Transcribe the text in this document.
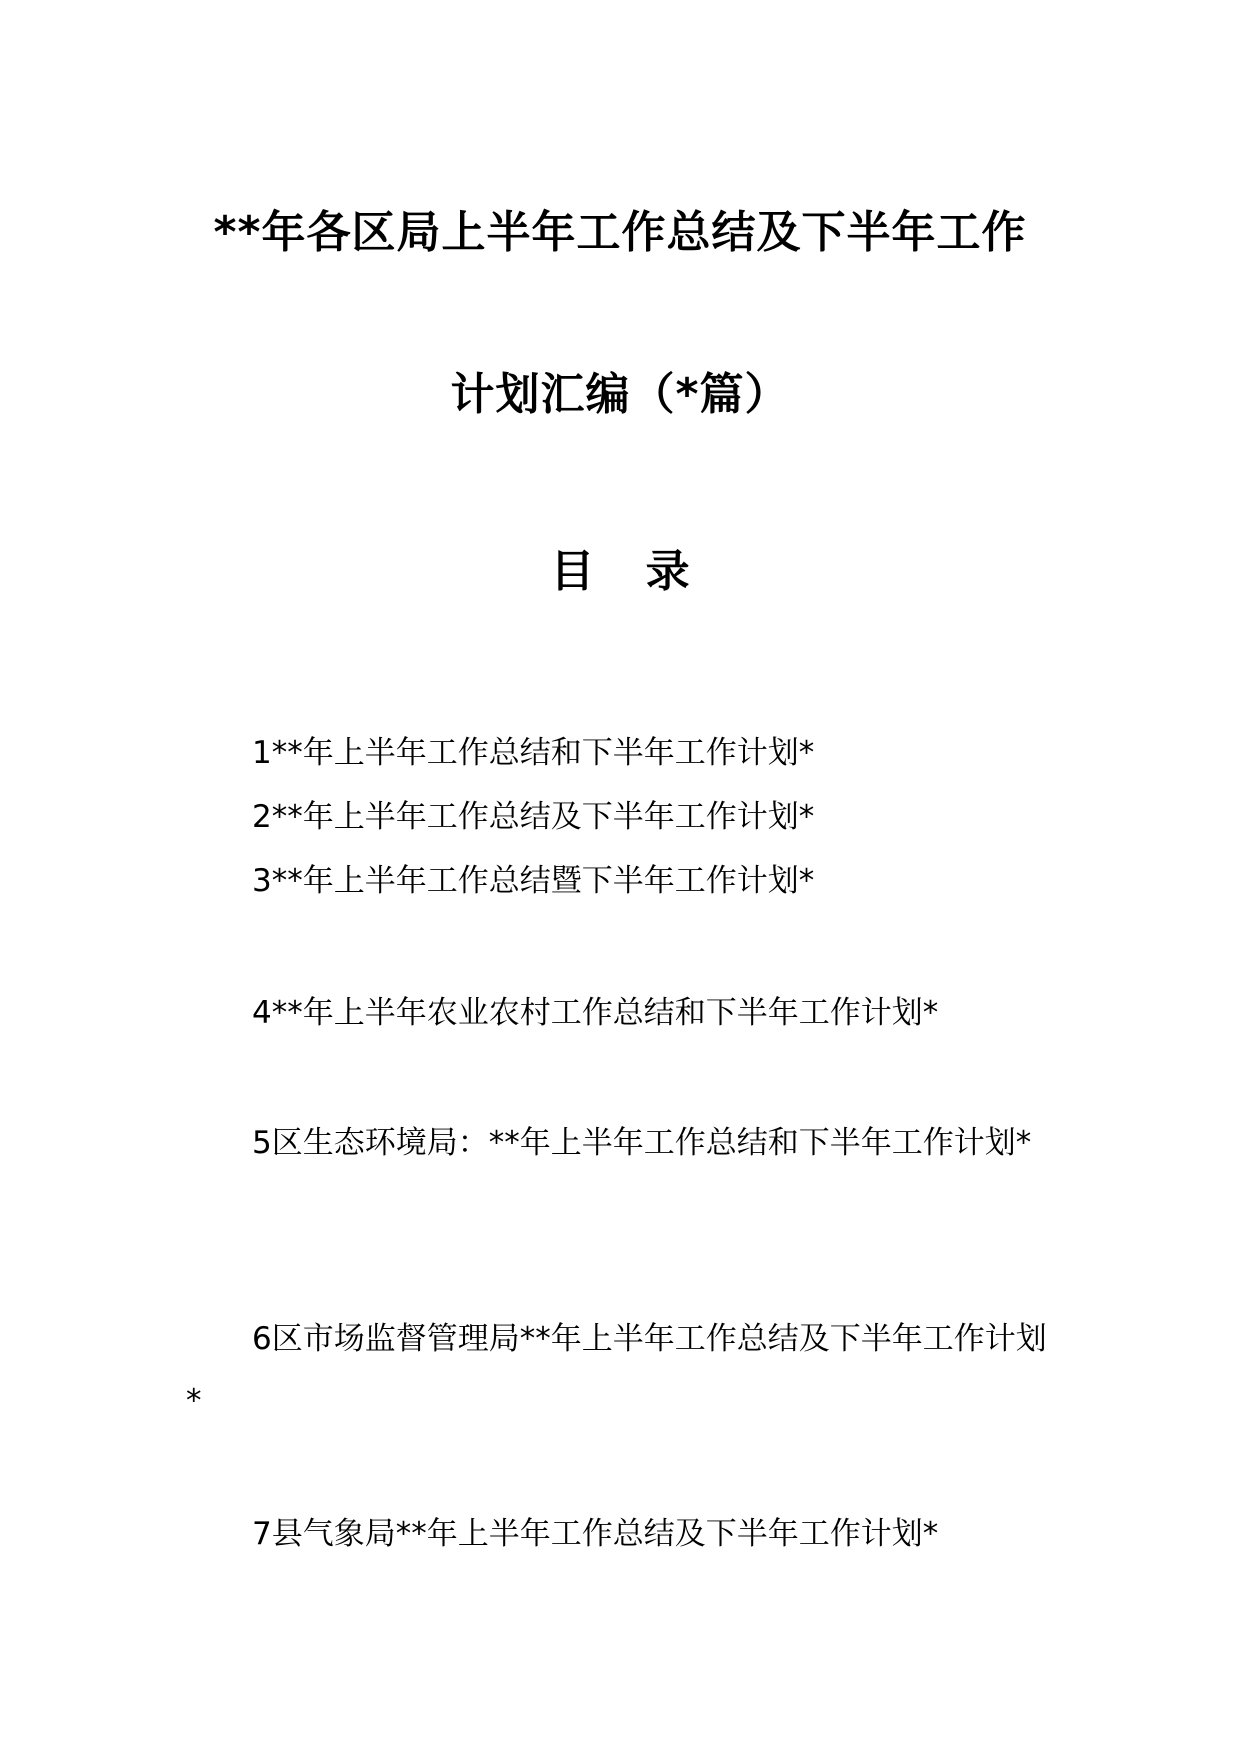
**年各区局上半年工作总结及下半年工作
计划汇编（*篇）
目 录

1**年上半年工作总结和下半年工作计划*

2**年上半年工作总结及下半年工作计划*

3**年上半年工作总结暨下半年工作计划*

4**年上半年农业农村工作总结和下半年工作计划*

5区生态环境局：**年上半年工作总结和下半年工作计划*

6区市场监督管理局**年上半年工作总结及下半年工作计划*

7县气象局**年上半年工作总结及下半年工作计划*
